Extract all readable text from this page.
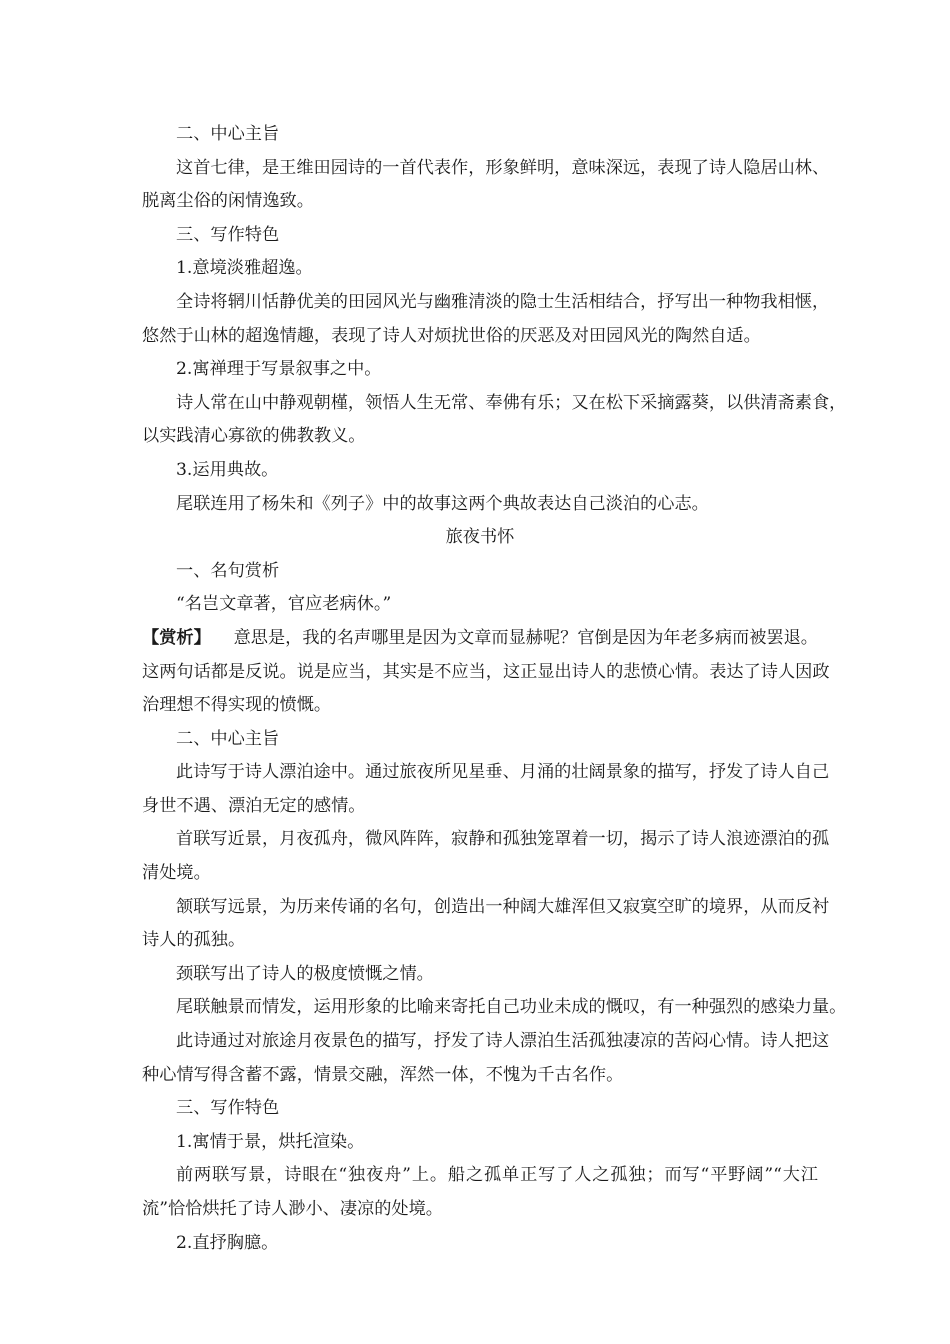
二、中心主旨
这首七律，是王维田园诗的一首代表作，形象鲜明，意味深远，表现了诗人隐居山林、
脱离尘俗的闲情逸致。
三、写作特色
1.意境淡雅超逸。
全诗将辋川恬静优美的田园风光与幽雅清淡的隐士生活相结合，抒写出一种物我相惬，
悠然于山林的超逸情趣，表现了诗人对烦扰世俗的厌恶及对田园风光的陶然自适。
2.寓禅理于写景叙事之中。
诗人常在山中静观朝槿，领悟人生无常、奉佛有乐；又在松下采摘露葵，以供清斋素食，
以实践清心寡欲的佛教教义。
3.运用典故。
尾联连用了杨朱和《列子》中的故事这两个典故表达自己淡泊的心志。
旅夜书怀
一、名句赏析
“名岂文章著，官应老病休。”
【赏析】 意思是，我的名声哪里是因为文章而显赫呢？官倒是因为年老多病而被罢退。
这两句话都是反说。说是应当，其实是不应当，这正显出诗人的悲愤心情。表达了诗人因政
治理想不得实现的愤慨。
二、中心主旨
此诗写于诗人漂泊途中。通过旅夜所见星垂、月涌的壮阔景象的描写，抒发了诗人自己
身世不遇、漂泊无定的感情。
首联写近景，月夜孤舟，微风阵阵，寂静和孤独笼罩着一切，揭示了诗人浪迹漂泊的孤
清处境。
颔联写远景，为历来传诵的名句，创造出一种阔大雄浑但又寂寞空旷的境界，从而反衬
诗人的孤独。
颈联写出了诗人的极度愤慨之情。
尾联触景而情发，运用形象的比喻来寄托自己功业未成的慨叹，有一种强烈的感染力量。
此诗通过对旅途月夜景色的描写，抒发了诗人漂泊生活孤独凄凉的苦闷心情。诗人把这
种心情写得含蓄不露，情景交融，浑然一体，不愧为千古名作。
三、写作特色
1.寓情于景，烘托渲染。
前两联写景，诗眼在“独夜舟”上。船之孤单正写了人之孤独；而写“平野阔”“大江
流”恰恰烘托了诗人渺小、凄凉的处境。
2.直抒胸臆。
